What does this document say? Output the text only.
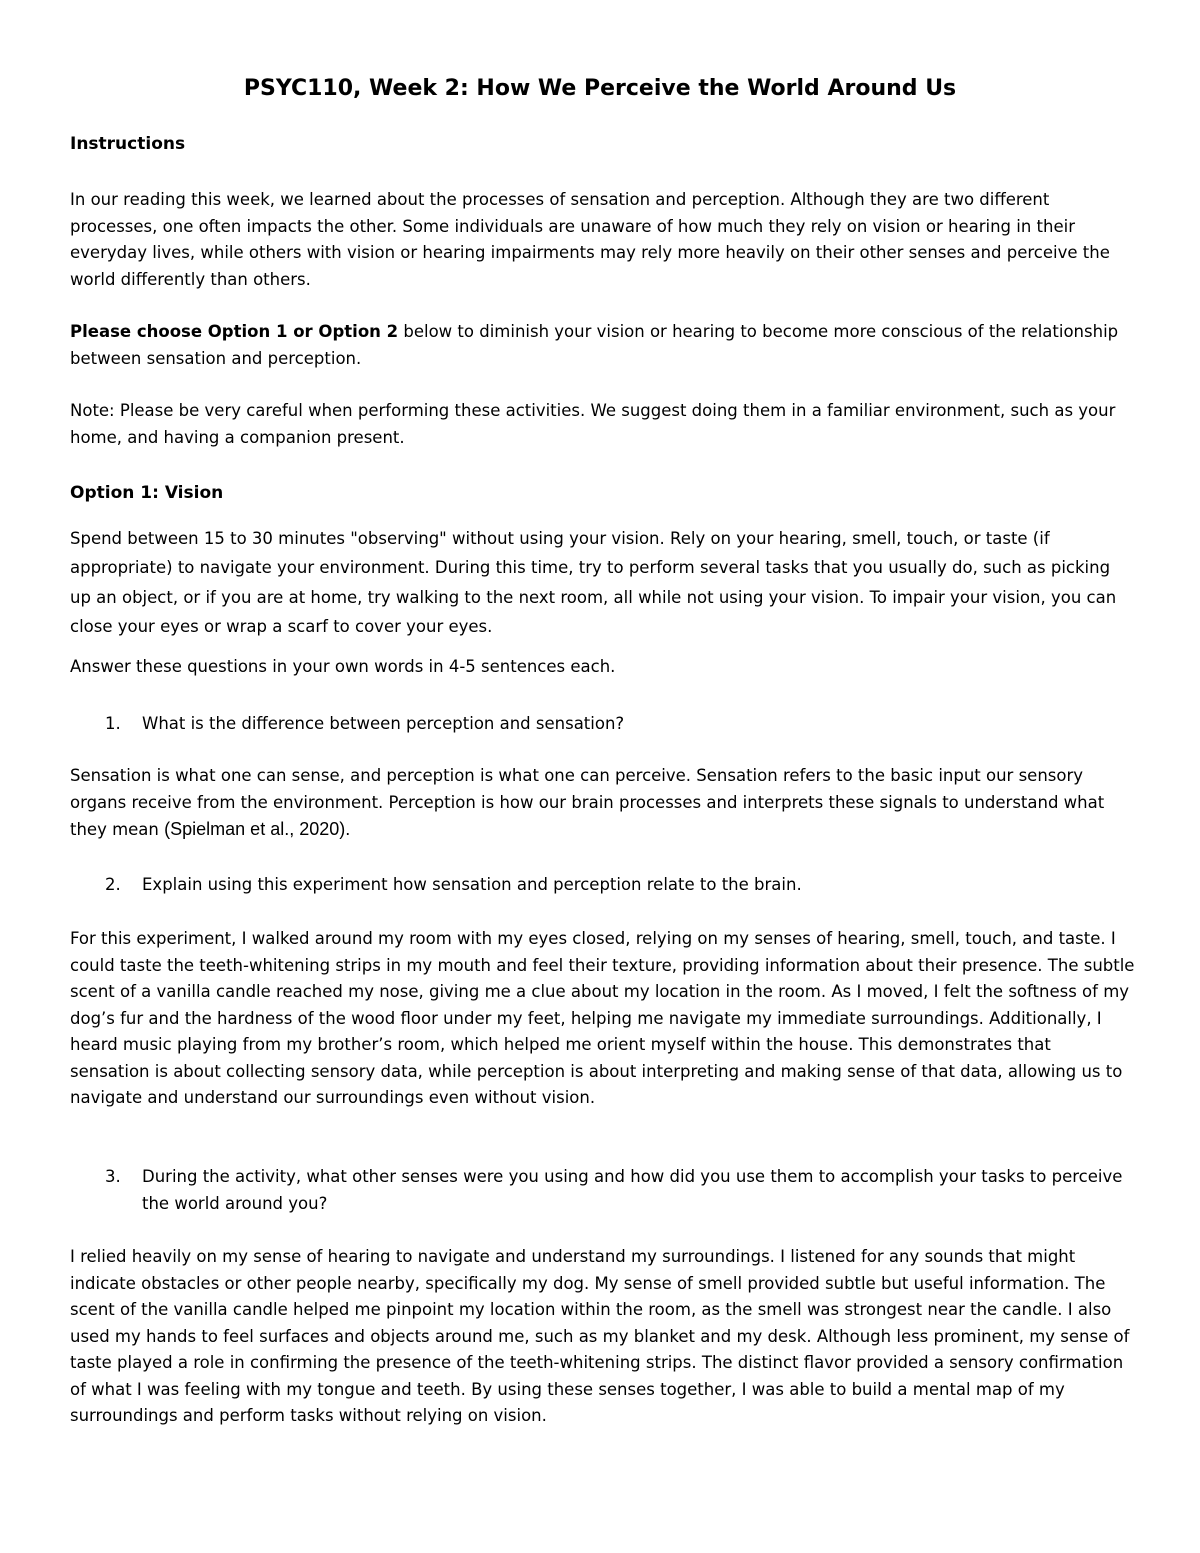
PSYC110, Week 2: How We Perceive the World Around Us

Instructions

In our reading this week, we learned about the processes of sensation and perception. Although they are two different processes, one often impacts the other. Some individuals are unaware of how much they rely on vision or hearing in their everyday lives, while others with vision or hearing impairments may rely more heavily on their other senses and perceive the world differently than others.

Please choose Option 1 or Option 2 below to diminish your vision or hearing to become more conscious of the relationship between sensation and perception.

Note: Please be very careful when performing these activities. We suggest doing them in a familiar environment, such as your home, and having a companion present.

Option 1: Vision

Spend between 15 to 30 minutes "observing" without using your vision. Rely on your hearing, smell, touch, or taste (if appropriate) to navigate your environment. During this time, try to perform several tasks that you usually do, such as picking up an object, or if you are at home, try walking to the next room, all while not using your vision. To impair your vision, you can close your eyes or wrap a scarf to cover your eyes.

Answer these questions in your own words in 4-5 sentences each.

1. What is the difference between perception and sensation?

Sensation is what one can sense, and perception is what one can perceive. Sensation refers to the basic input our sensory organs receive from the environment. Perception is how our brain processes and interprets these signals to understand what they mean (Spielman et al., 2020).

2. Explain using this experiment how sensation and perception relate to the brain.

For this experiment, I walked around my room with my eyes closed, relying on my senses of hearing, smell, touch, and taste. I could taste the teeth-whitening strips in my mouth and feel their texture, providing information about their presence. The subtle scent of a vanilla candle reached my nose, giving me a clue about my location in the room. As I moved, I felt the softness of my dog’s fur and the hardness of the wood floor under my feet, helping me navigate my immediate surroundings. Additionally, I heard music playing from my brother’s room, which helped me orient myself within the house. This demonstrates that sensation is about collecting sensory data, while perception is about interpreting and making sense of that data, allowing us to navigate and understand our surroundings even without vision.

3. During the activity, what other senses were you using and how did you use them to accomplish your tasks to perceive the world around you?

I relied heavily on my sense of hearing to navigate and understand my surroundings. I listened for any sounds that might indicate obstacles or other people nearby, specifically my dog. My sense of smell provided subtle but useful information. The scent of the vanilla candle helped me pinpoint my location within the room, as the smell was strongest near the candle. I also used my hands to feel surfaces and objects around me, such as my blanket and my desk. Although less prominent, my sense of taste played a role in confirming the presence of the teeth-whitening strips. The distinct flavor provided a sensory confirmation of what I was feeling with my tongue and teeth. By using these senses together, I was able to build a mental map of my surroundings and perform tasks without relying on vision.
